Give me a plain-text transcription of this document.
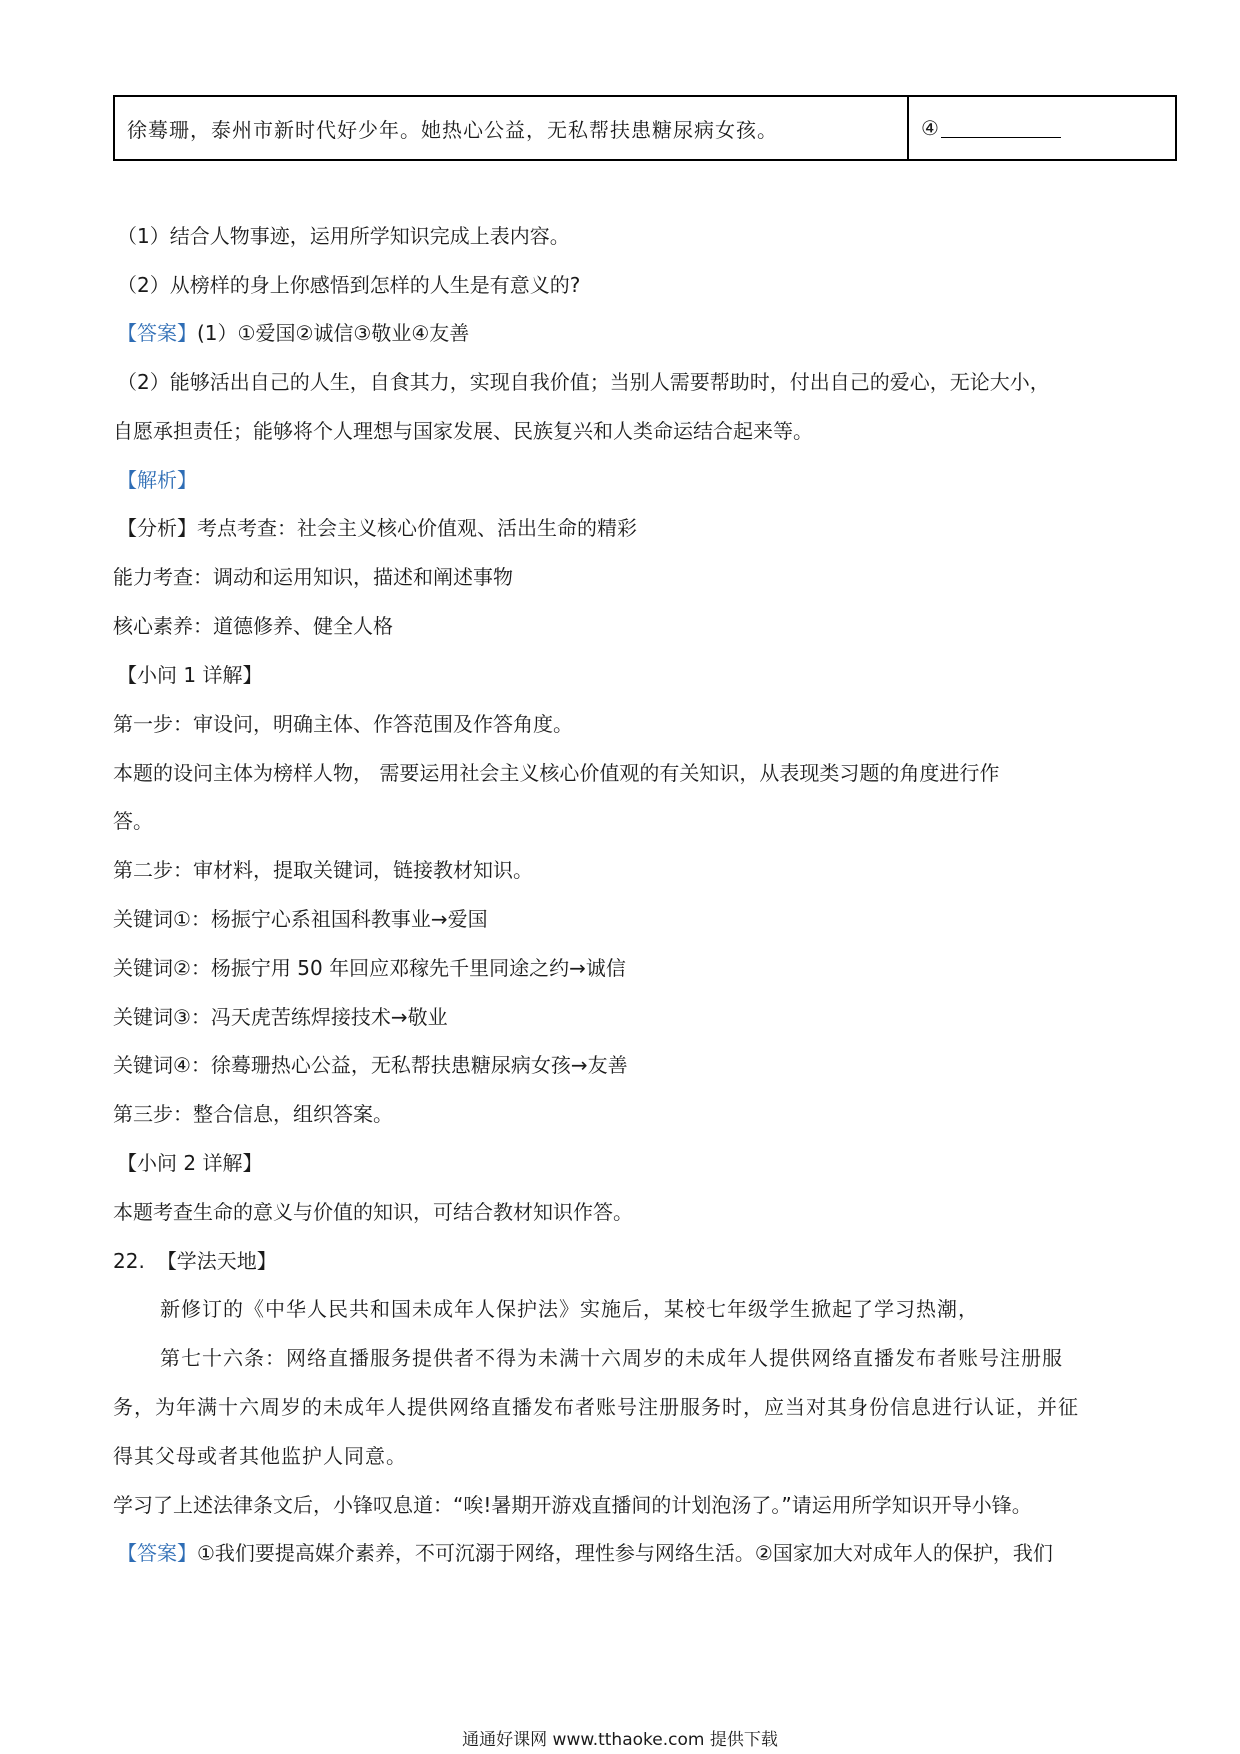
徐蓦珊，泰州市新时代好少年。她热心公益，无私帮扶患糖尿病女孩。	④
（1）结合人物事迹，运用所学知识完成上表内容。
（2）从榜样的身上你感悟到怎样的人生是有意义的?
【答案】(1）①爱国②诚信③敬业④友善
（2）能够活出自己的人生，自食其力，实现自我价值；当别人需要帮助时，付出自己的爱心，无论大小，
自愿承担责任；能够将个人理想与国家发展、民族复兴和人类命运结合起来等。
【解析】
【分析】考点考查：社会主义核心价值观、活出生命的精彩
能力考查：调动和运用知识，描述和阐述事物
核心素养：道德修养、健全人格
【小问 1 详解】
第一步：审设问，明确主体、作答范围及作答角度。
本题的设问主体为榜样人物， 需要运用社会主义核心价值观的有关知识，从表现类习题的角度进行作
答。
第二步：审材料，提取关键词，链接教材知识。
关键词①：杨振宁心系祖国科教事业→爱国
关键词②：杨振宁用 50 年回应邓稼先千里同途之约→诚信
关键词③：冯天虎苦练焊接技术→敬业
关键词④：徐蓦珊热心公益，无私帮扶患糖尿病女孩→友善
第三步：整合信息，组织答案。
【小问 2 详解】
本题考查生命的意义与价值的知识，可结合教材知识作答。
22. 【学法天地】
新修订的《中华人民共和国未成年人保护法》实施后，某校七年级学生掀起了学习热潮，
第七十六条：网络直播服务提供者不得为未满十六周岁的未成年人提供网络直播发布者账号注册服
务，为年满十六周岁的未成年人提供网络直播发布者账号注册服务时，应当对其身份信息进行认证，并征
得其父母或者其他监护人同意。
学习了上述法律条文后，小锋叹息道：“唉!暑期开游戏直播间的计划泡汤了。”请运用所学知识开导小锋。
【答案】①我们要提高媒介素养，不可沉溺于网络，理性参与网络生活。②国家加大对成年人的保护，我们
通通好课网 www.tthaoke.com 提供下载
